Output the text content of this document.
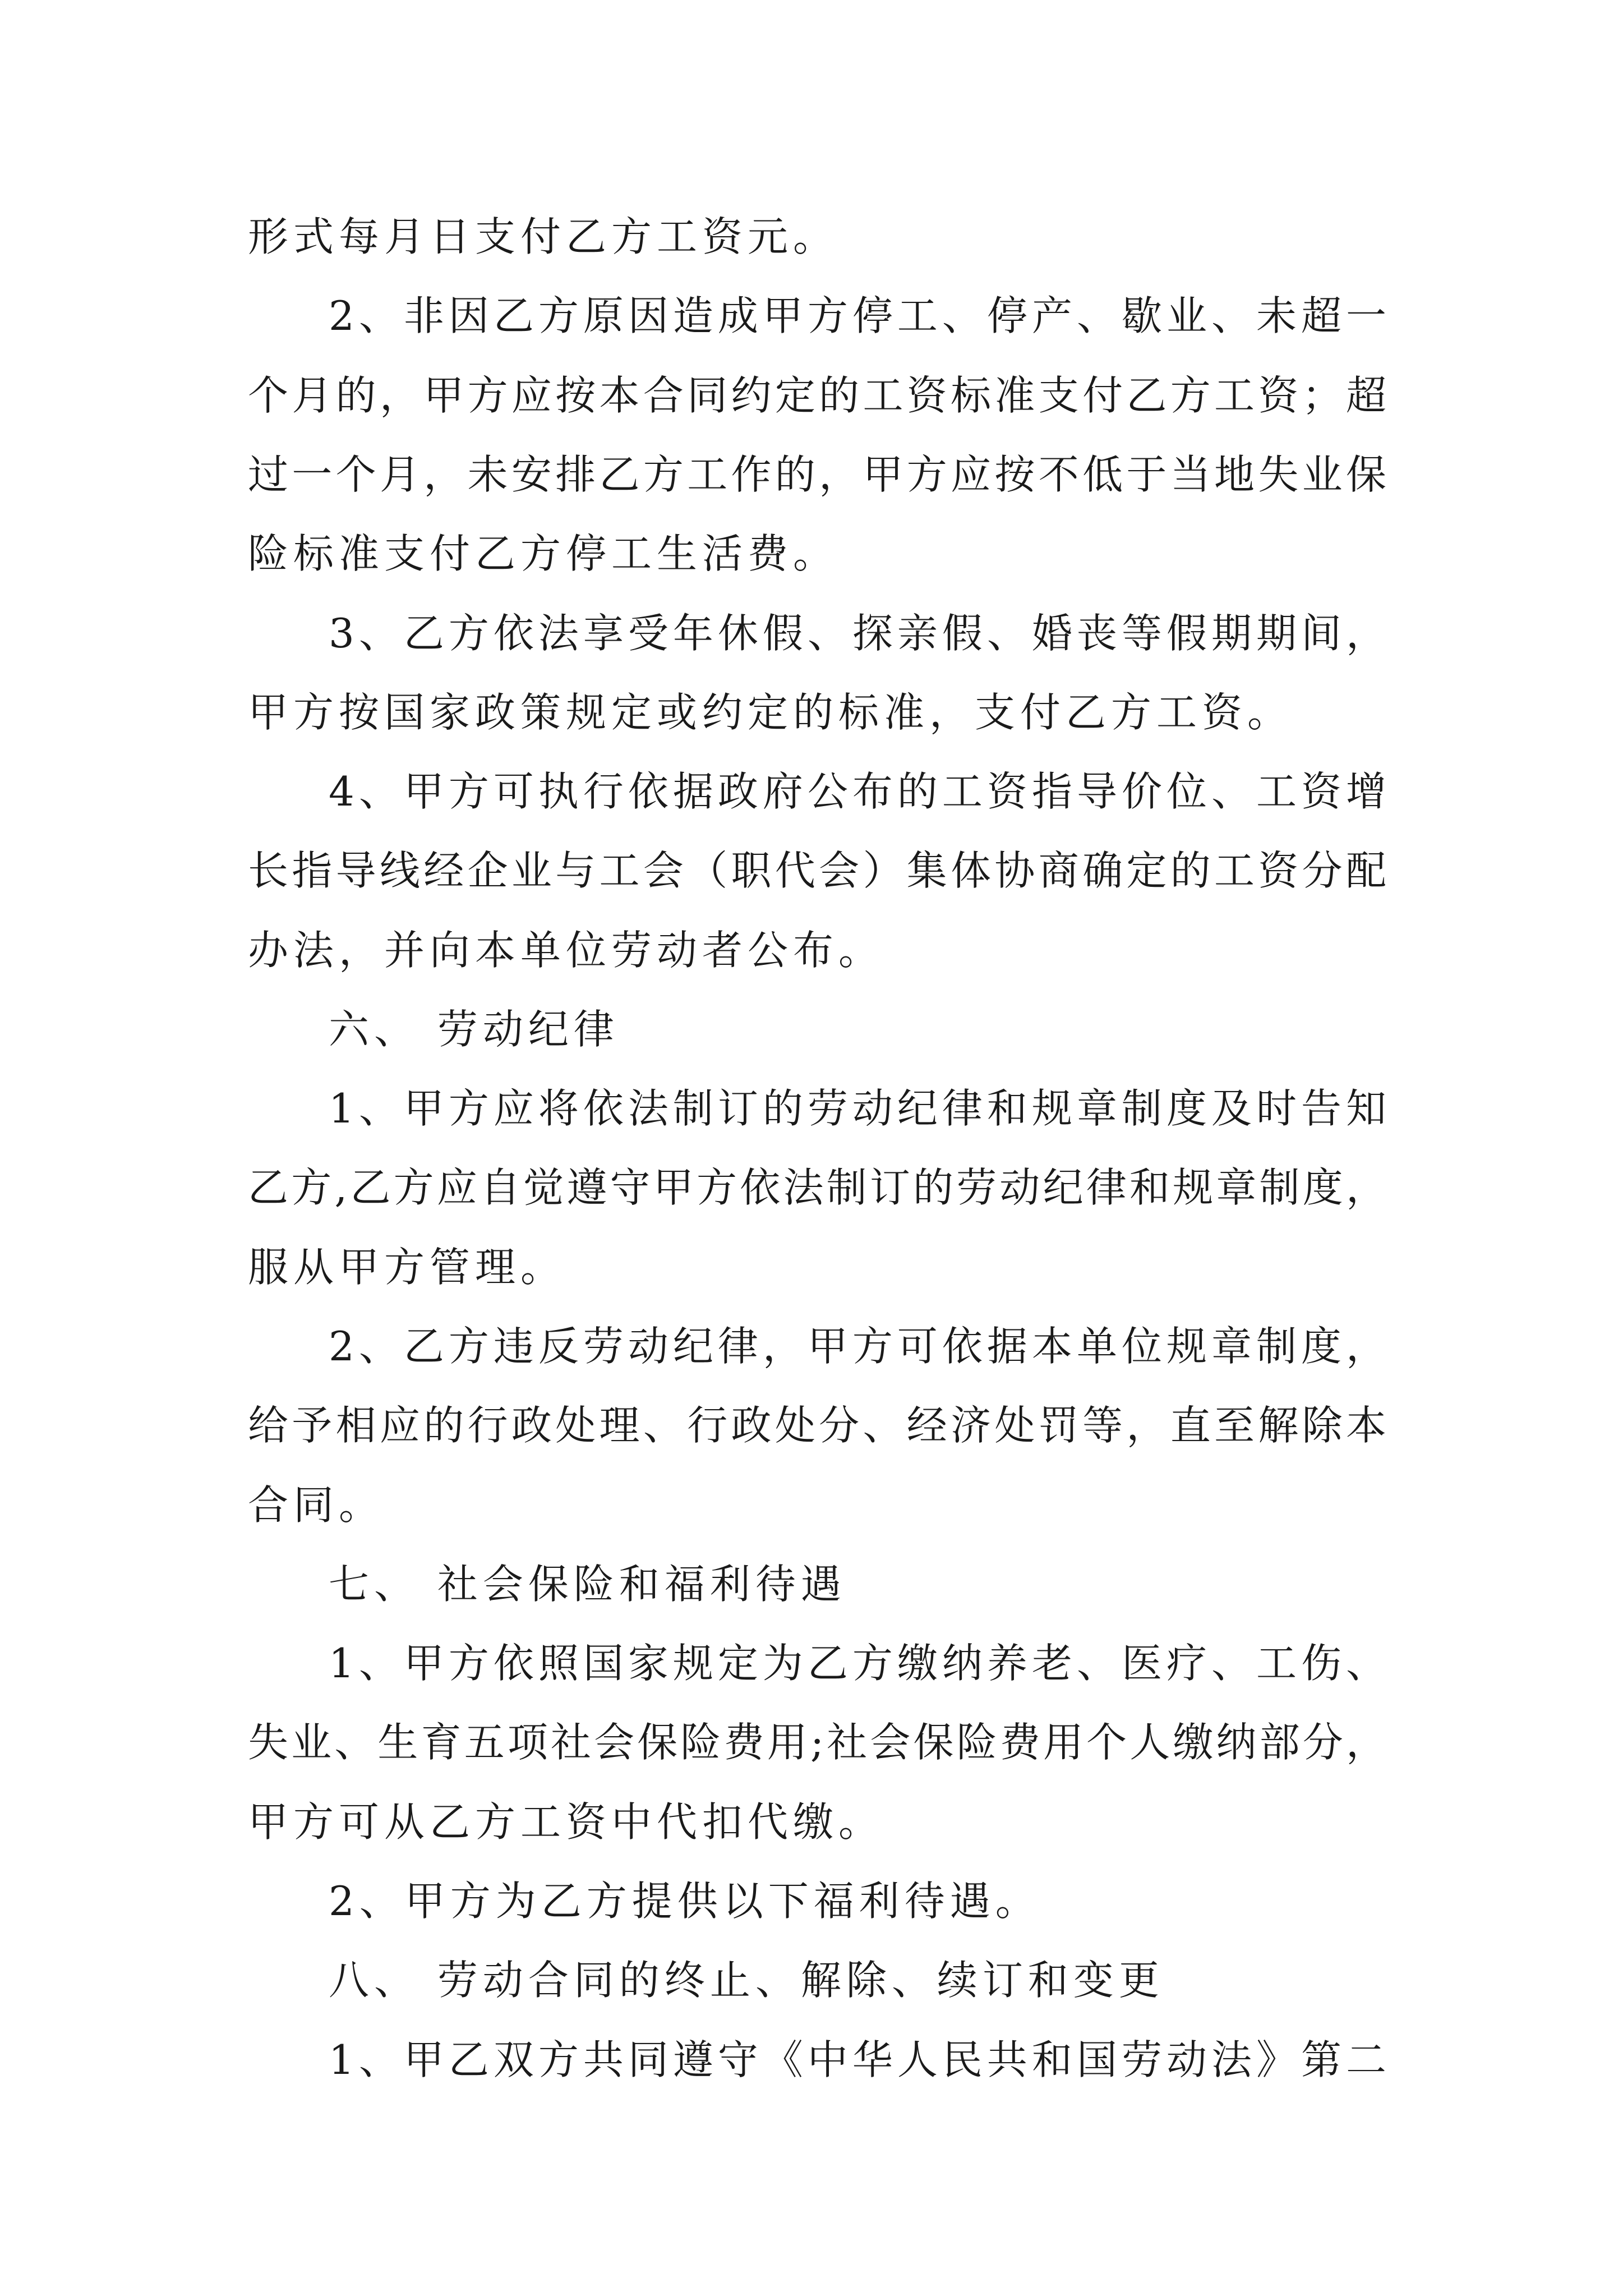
形式每月日支付乙方工资元。

2、非因乙方原因造成甲方停工、停产、歇业、未超一

个月的，甲方应按本合同约定的工资标准支付乙方工资；超

过一个月，未安排乙方工作的，甲方应按不低于当地失业保

险标准支付乙方停工生活费。

3、乙方依法享受年休假、探亲假、婚丧等假期期间，

甲方按国家政策规定或约定的标准，支付乙方工资。

4、甲方可执行依据政府公布的工资指导价位、工资增

长指导线经企业与工会（职代会）集体协商确定的工资分配

办法，并向本单位劳动者公布。

六、 劳动纪律

1、甲方应将依法制订的劳动纪律和规章制度及时告知

乙方,乙方应自觉遵守甲方依法制订的劳动纪律和规章制度，

服从甲方管理。

2、乙方违反劳动纪律，甲方可依据本单位规章制度，

给予相应的行政处理、行政处分、经济处罚等，直至解除本

合同。

七、 社会保险和福利待遇

1、甲方依照国家规定为乙方缴纳养老、医疗、工伤、

失业、生育五项社会保险费用;社会保险费用个人缴纳部分，

甲方可从乙方工资中代扣代缴。

2、甲方为乙方提供以下福利待遇。

八、 劳动合同的终止、解除、续订和变更

1、甲乙双方共同遵守《中华人民共和国劳动法》第二
